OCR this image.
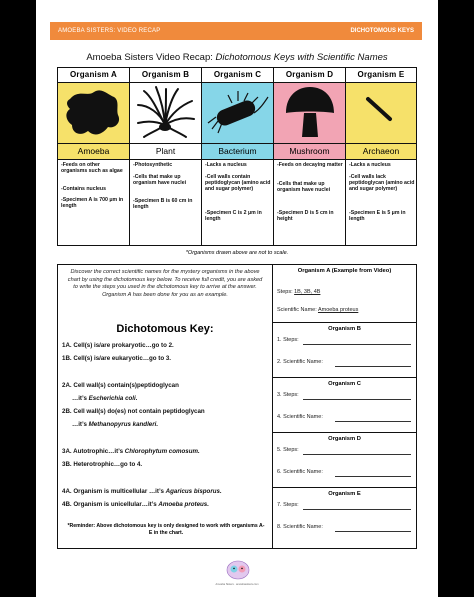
AMOEBA SISTERS: VIDEO RECAP	DICHOTOMOUS KEYS
Amoeba Sisters Video Recap: Dichotomous Keys with Scientific Names
Organism A
Amoeba
-Feeds on other organisms such as algae
-Contains nucleus
-Specimen A is 700 μm in length
Organism B
Plant
-Photosynthetic
-Cells that make up organism have nuclei
-Specimen B is 60 cm in length
Organism C
Bacterium
-Lacks a nucleus
-Cell walls contain peptidoglycan (amino acid and sugar polymer)
-Specimen C is 2 μm in length
Organism D
Mushroom
-Feeds on decaying matter
-Cells that make up organism have nuclei
-Specimen D is 5 cm in height
Organism E
Archaeon
-Lacks a nucleus
-Cell walls lack peptidoglycan (amino acid and sugar polymer)
-Specimen E is 5 μm in length
*Organisms drawn above are not to scale.
Discover the correct scientific names for the mystery organisms in the above chart by using the dichotomous key below. To receive full credit, you are asked to write the steps you used in the dichotomous key to arrive at the answer. Organism A has been done for you as an example.
Dichotomous Key:
1A. Cell(s) is/are prokaryotic…go to 2.
1B. Cell(s) is/are eukaryotic…go to 3.
2A. Cell wall(s) contain(s)peptidoglycan
…it’s Escherichia coli.
2B. Cell wall(s) do(es) not contain peptidoglycan
…it’s Methanopyrus kandleri.
3A. Autotrophic…it’s Chlorophytum comosum.
3B. Heterotrophic…go to 4.
4A. Organism is multicellular …it’s Agaricus bisporus.
4B. Organism is unicellular…it’s Amoeba proteus.
*Reminder: Above dichotomous key is only designed to work with organisms A-E in the chart.
Organism A (Example from Video)
Steps: 1B, 3B, 4B
Scientific Name: Amoeba proteus
Organism B
1. Steps:
2. Scientific Name:
Organism C
3. Steps:
4. Scientific Name:
Organism D
5. Steps:
6. Scientific Name:
Organism E
7. Steps:
8. Scientific Name:
Amoeba Sisters · amoebasisters.com
